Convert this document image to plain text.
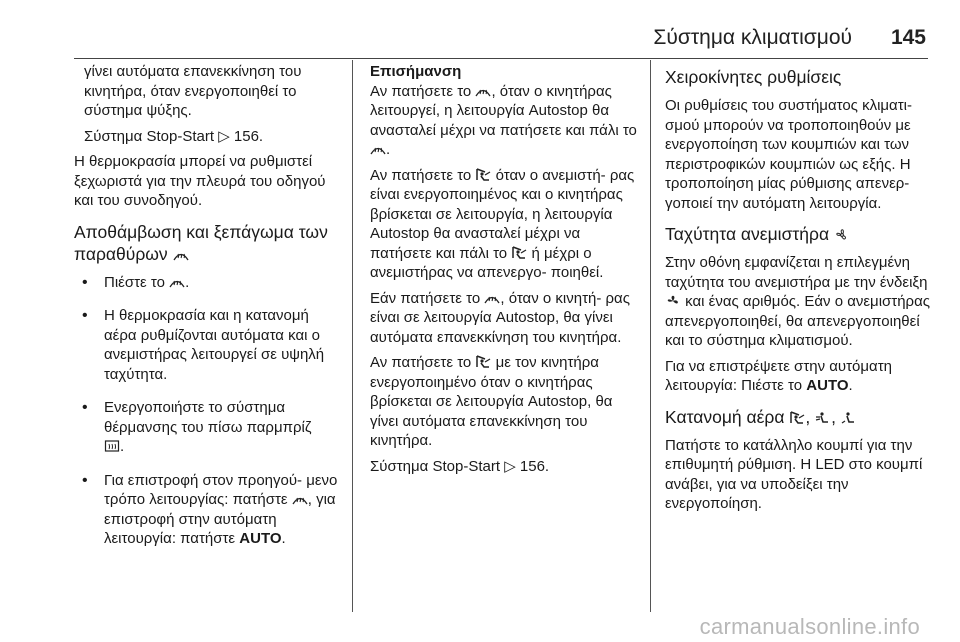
Σύστημα κλιματισμού 145

γίνει αυτόματα επανεκκίνηση του κινητήρα, όταν ενεργοποιηθεί το σύστημα ψύξης.

Σύστημα Stop-Start ▷ 156.

Η θερμοκρασία μπορεί να ρυθμιστεί ξεχωριστά για την πλευρά του οδηγού και του συνοδηγού.

Αποθάμβωση και ξεπάγωμα των παραθύρων
• Πιέστε το .
• Η θερμοκρασία και η κατανομή αέρα ρυθμίζονται αυτόματα και ο ανεμιστήρας λειτουργεί σε υψηλή ταχύτητα.
• Ενεργοποιήστε το σύστημα θέρμανσης του πίσω παρμπρίζ

.
• Για επιστροφή στον προηγού- μενο τρόπο λειτουργίας: πατήστε , για επιστροφή στην αυτόματη λειτουργία: πατήστε AUTO.

Επισήμανση
Αν πατήσετε το , όταν ο κινητήρας λειτουργεί, η λειτουργία Autostop θα ανασταλεί μέχρι να πατήσετε και πάλι το
.

Αν πατήσετε το όταν ο ανεμιστή- ρας είναι ενεργοποιημένος και ο κινητήρας βρίσκεται σε λειτουργία, η λειτουργία Autostop θα ανασταλεί μέχρι να πατήσετε και πάλι το ή μέχρι ο ανεμιστήρας να απενεργο- ποιηθεί.

Εάν πατήσετε το , όταν ο κινητή- ρας είναι σε λειτουργία Autostop, θα γίνει αυτόματα επανεκκίνηση του κινητήρα.

Αν πατήσετε το με τον κινητήρα ενεργοποιημένο όταν ο κινητήρας βρίσκεται σε λειτουργία Autostop, θα γίνει αυτόματα επανεκκίνηση του κινητήρα.

Σύστημα Stop-Start ▷ 156.

Χειροκίνητες ρυθμίσεις

Οι ρυθμίσεις του συστήματος κλιματι- σμού μπορούν να τροποποιηθούν με ενεργοποίηση των κουμπιών και των περιστροφικών κουμπιών ως εξής. Η τροποποίηση μίας ρύθμισης απενερ- γοποιεί την αυτόματη λειτουργία.

Ταχύτητα ανεμιστήρα

Στην οθόνη εμφανίζεται η επιλεγμένη ταχύτητα του ανεμιστήρα με την ένδειξη
και ένας αριθμός. Εάν ο ανεμιστήρας απενεργοποιηθεί, θα απενεργοποιηθεί και το σύστημα κλιματισμού.

Για να επιστρέψετε στην αυτόματη λειτουργία: Πιέστε το AUTO.

Κατανομή αέρα , ,

Πατήστε το κατάλληλο κουμπί για την επιθυμητή ρύθμιση. Η LED στο κουμπί ανάβει, για να υποδείξει την ενεργοποίηση.

carmanualsonline.info
